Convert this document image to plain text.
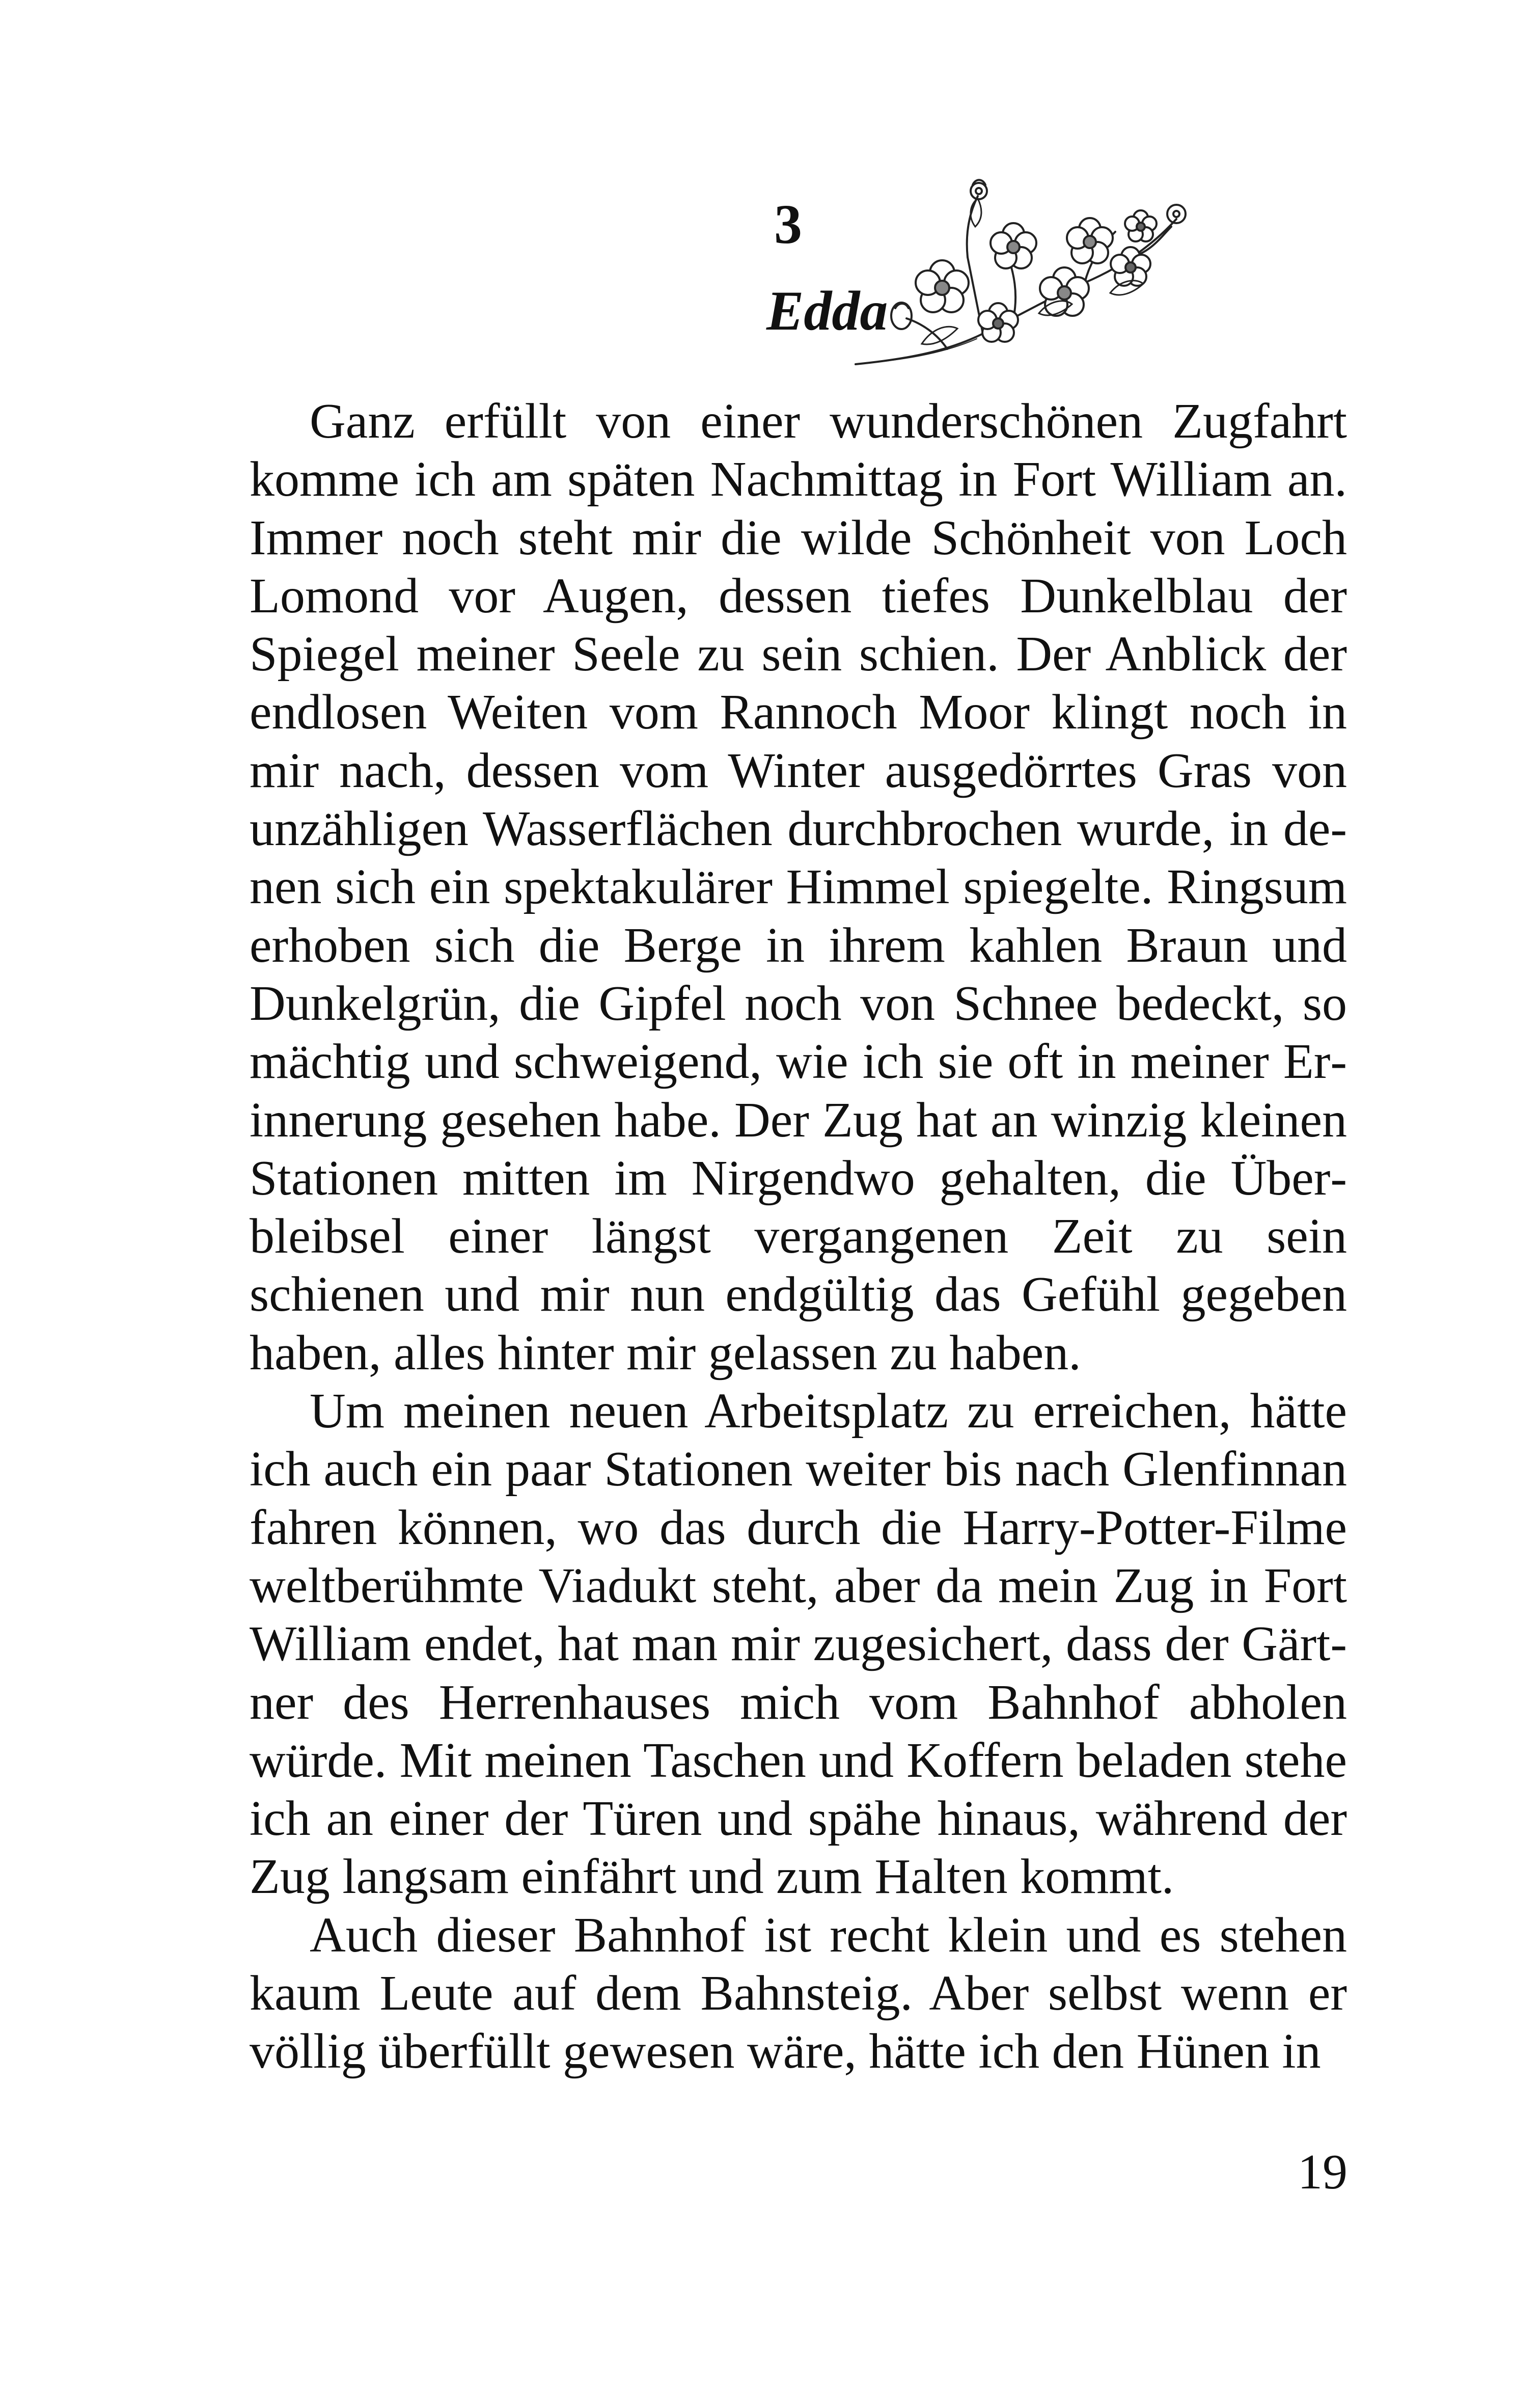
3
Edda

Ganz erfüllt von einer wunderschönen Zugfahrt komme ich am späten Nachmittag in Fort William an. Immer noch steht mir die wilde Schönheit von Loch Lomond vor Augen, dessen tiefes Dunkelblau der Spiegel meiner Seele zu sein schien. Der Anblick der endlosen Weiten vom Rannoch Moor klingt noch in mir nach, dessen vom Winter ausgedörrtes Gras von unzähligen Wasserflächen durchbrochen wurde, in denen sich ein spektakulärer Himmel spiegelte. Ringsum erhoben sich die Berge in ihrem kahlen Braun und Dunkelgrün, die Gipfel noch von Schnee bedeckt, so mächtig und schweigend, wie ich sie oft in meiner Erinnerung gesehen habe. Der Zug hat an winzig kleinen Stationen mitten im Nirgendwo gehalten, die Überbleibsel einer längst vergangenen Zeit zu sein schienen und mir nun endgültig das Gefühl gegeben haben, alles hinter mir gelassen zu haben.

Um meinen neuen Arbeitsplatz zu erreichen, hätte ich auch ein paar Stationen weiter bis nach Glenfinnan fahren können, wo das durch die Harry-Potter-Filme weltberühmte Viadukt steht, aber da mein Zug in Fort William endet, hat man mir zugesichert, dass der Gärtner des Herrenhauses mich vom Bahnhof abholen würde. Mit meinen Taschen und Koffern beladen stehe ich an einer der Türen und spähe hinaus, während der Zug langsam einfährt und zum Halten kommt.

Auch dieser Bahnhof ist recht klein und es stehen kaum Leute auf dem Bahnsteig. Aber selbst wenn er völlig überfüllt gewesen wäre, hätte ich den Hünen in

19
